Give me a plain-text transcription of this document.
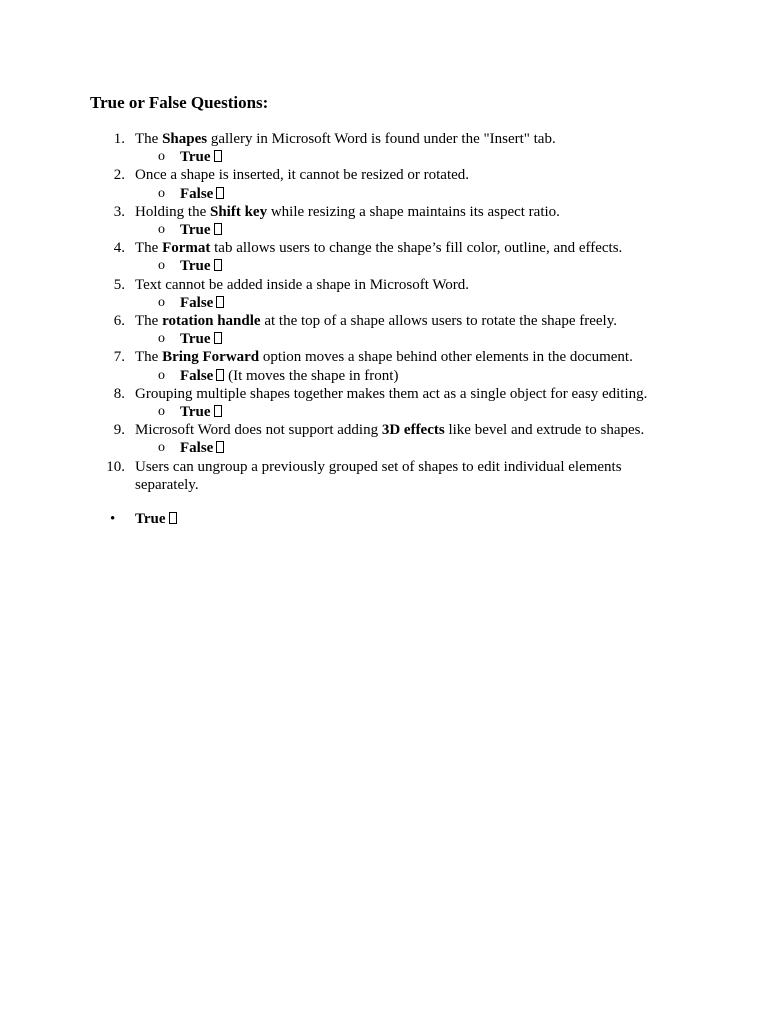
True or False Questions:
1. The Shapes gallery in Microsoft Word is found under the "Insert" tab.
o True
2. Once a shape is inserted, it cannot be resized or rotated.
o False
3. Holding the Shift key while resizing a shape maintains its aspect ratio.
o True
4. The Format tab allows users to change the shape’s fill color, outline, and effects.
o True
5. Text cannot be added inside a shape in Microsoft Word.
o False
6. The rotation handle at the top of a shape allows users to rotate the shape freely.
o True
7. The Bring Forward option moves a shape behind other elements in the document.
o False (It moves the shape in front)
8. Grouping multiple shapes together makes them act as a single object for easy editing.
o True
9. Microsoft Word does not support adding 3D effects like bevel and extrude to shapes.
o False
10. Users can ungroup a previously grouped set of shapes to edit individual elements separately.
• True
